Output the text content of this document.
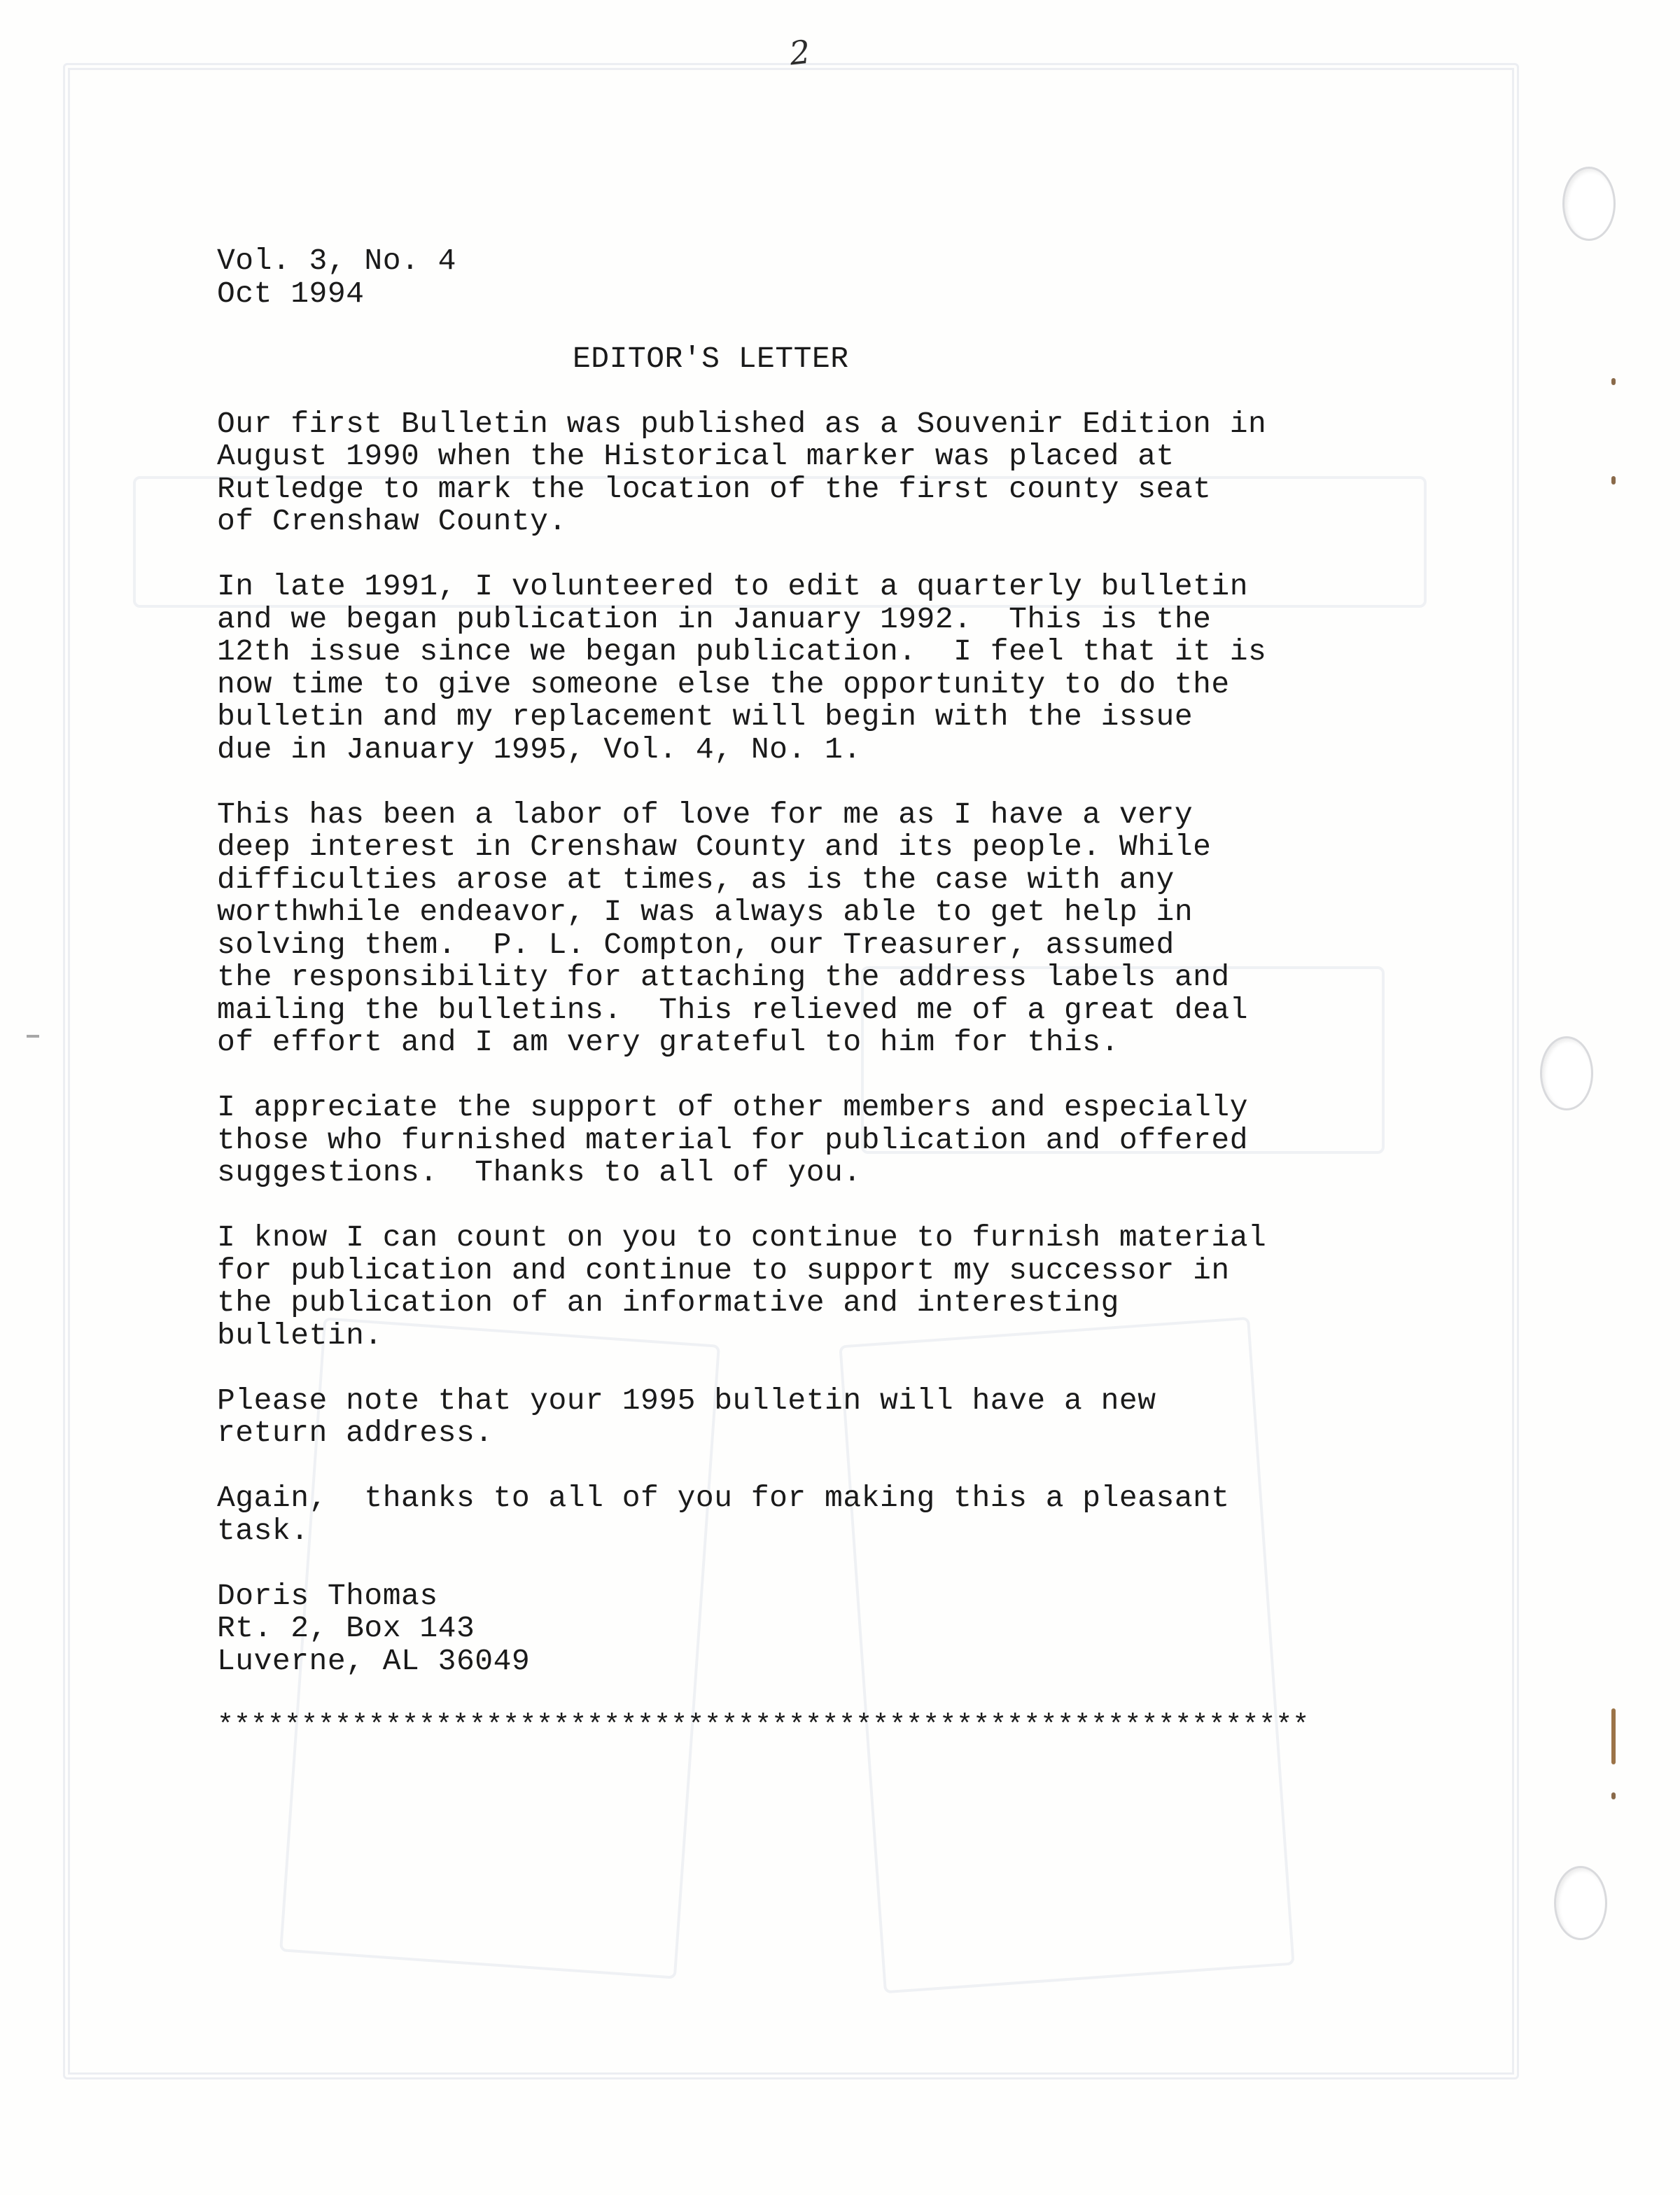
2
Vol. 3, No. 4
Oct 1994
EDITOR'S LETTER
Our first Bulletin was published as a Souvenir Edition in
August 1990 when the Historical marker was placed at
Rutledge to mark the location of the first county seat
of Crenshaw County.
In late 1991, I volunteered to edit a quarterly bulletin
and we began publication in January 1992.  This is the
12th issue since we began publication.  I feel that it is
now time to give someone else the opportunity to do the
bulletin and my replacement will begin with the issue
due in January 1995, Vol. 4, No. 1.
This has been a labor of love for me as I have a very
deep interest in Crenshaw County and its people. While
difficulties arose at times, as is the case with any
worthwhile endeavor, I was always able to get help in
solving them.  P. L. Compton, our Treasurer, assumed
the responsibility for attaching the address labels and
mailing the bulletins.  This relieved me of a great deal
of effort and I am very grateful to him for this.
I appreciate the support of other members and especially
those who furnished material for publication and offered
suggestions.  Thanks to all of you.
I know I can count on you to continue to furnish material
for publication and continue to support my successor in
the publication of an informative and interesting
bulletin.
Please note that your 1995 bulletin will have a new
return address.
Again,  thanks to all of you for making this a pleasant
task.
Doris Thomas
Rt. 2, Box 143
Luverne, AL 36049
*****************************************************************
